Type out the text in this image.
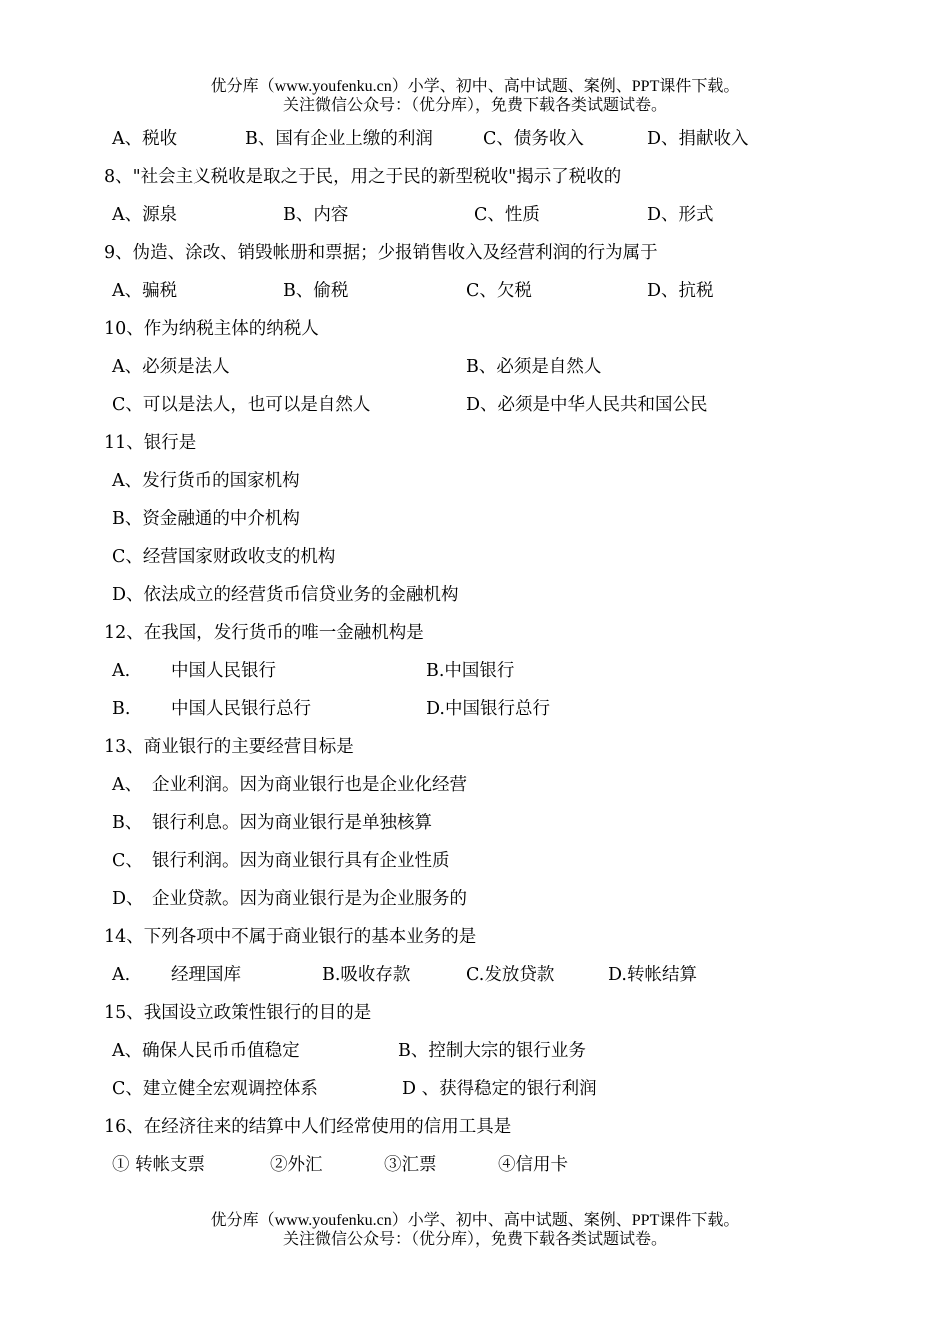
优分库（www.youfenku.cn）小学、初中、高中试题、案例、PPT课件下载。
关注微信公众号：（优分库），免费下载各类试题试卷。
A、税收	B、国有企业上缴的利润	C、债务收入	D、捐献收入
8、"社会主义税收是取之于民，用之于民的新型税收"揭示了税收的
A、源泉	B、内容	C、性质	D、形式
9、伪造、涂改、销毁帐册和票据；少报销售收入及经营利润的行为属于
A、骗税	B、偷税	C、欠税	D、抗税
10、作为纳税主体的纳税人
A、必须是法人	B、必须是自然人
C、可以是法人，也可以是自然人	D、必须是中华人民共和国公民
11、银行是
A、发行货币的国家机构
B、资金融通的中介机构
C、经营国家财政收支的机构
D、依法成立的经营货币信贷业务的金融机构
12、在我国，发行货币的唯一金融机构是
A. 中国人民银行	B.中国银行
B. 中国人民银行总行	D.中国银行总行
13、商业银行的主要经营目标是
A、 企业利润。因为商业银行也是企业化经营
B、 银行利息。因为商业银行是单独核算
C、 银行利润。因为商业银行具有企业性质
D、 企业贷款。因为商业银行是为企业服务的
14、下列各项中不属于商业银行的基本业务的是
A. 经理国库	B.吸收存款	C.发放贷款	D.转帐结算
15、我国设立政策性银行的目的是
A、确保人民币币值稳定	B、控制大宗的银行业务
C、建立健全宏观调控体系	D 、获得稳定的银行利润
16、在经济往来的结算中人们经常使用的信用工具是
① 转帐支票	②外汇	③汇票	④信用卡
优分库（www.youfenku.cn）小学、初中、高中试题、案例、PPT课件下载。
关注微信公众号：（优分库），免费下载各类试题试卷。
